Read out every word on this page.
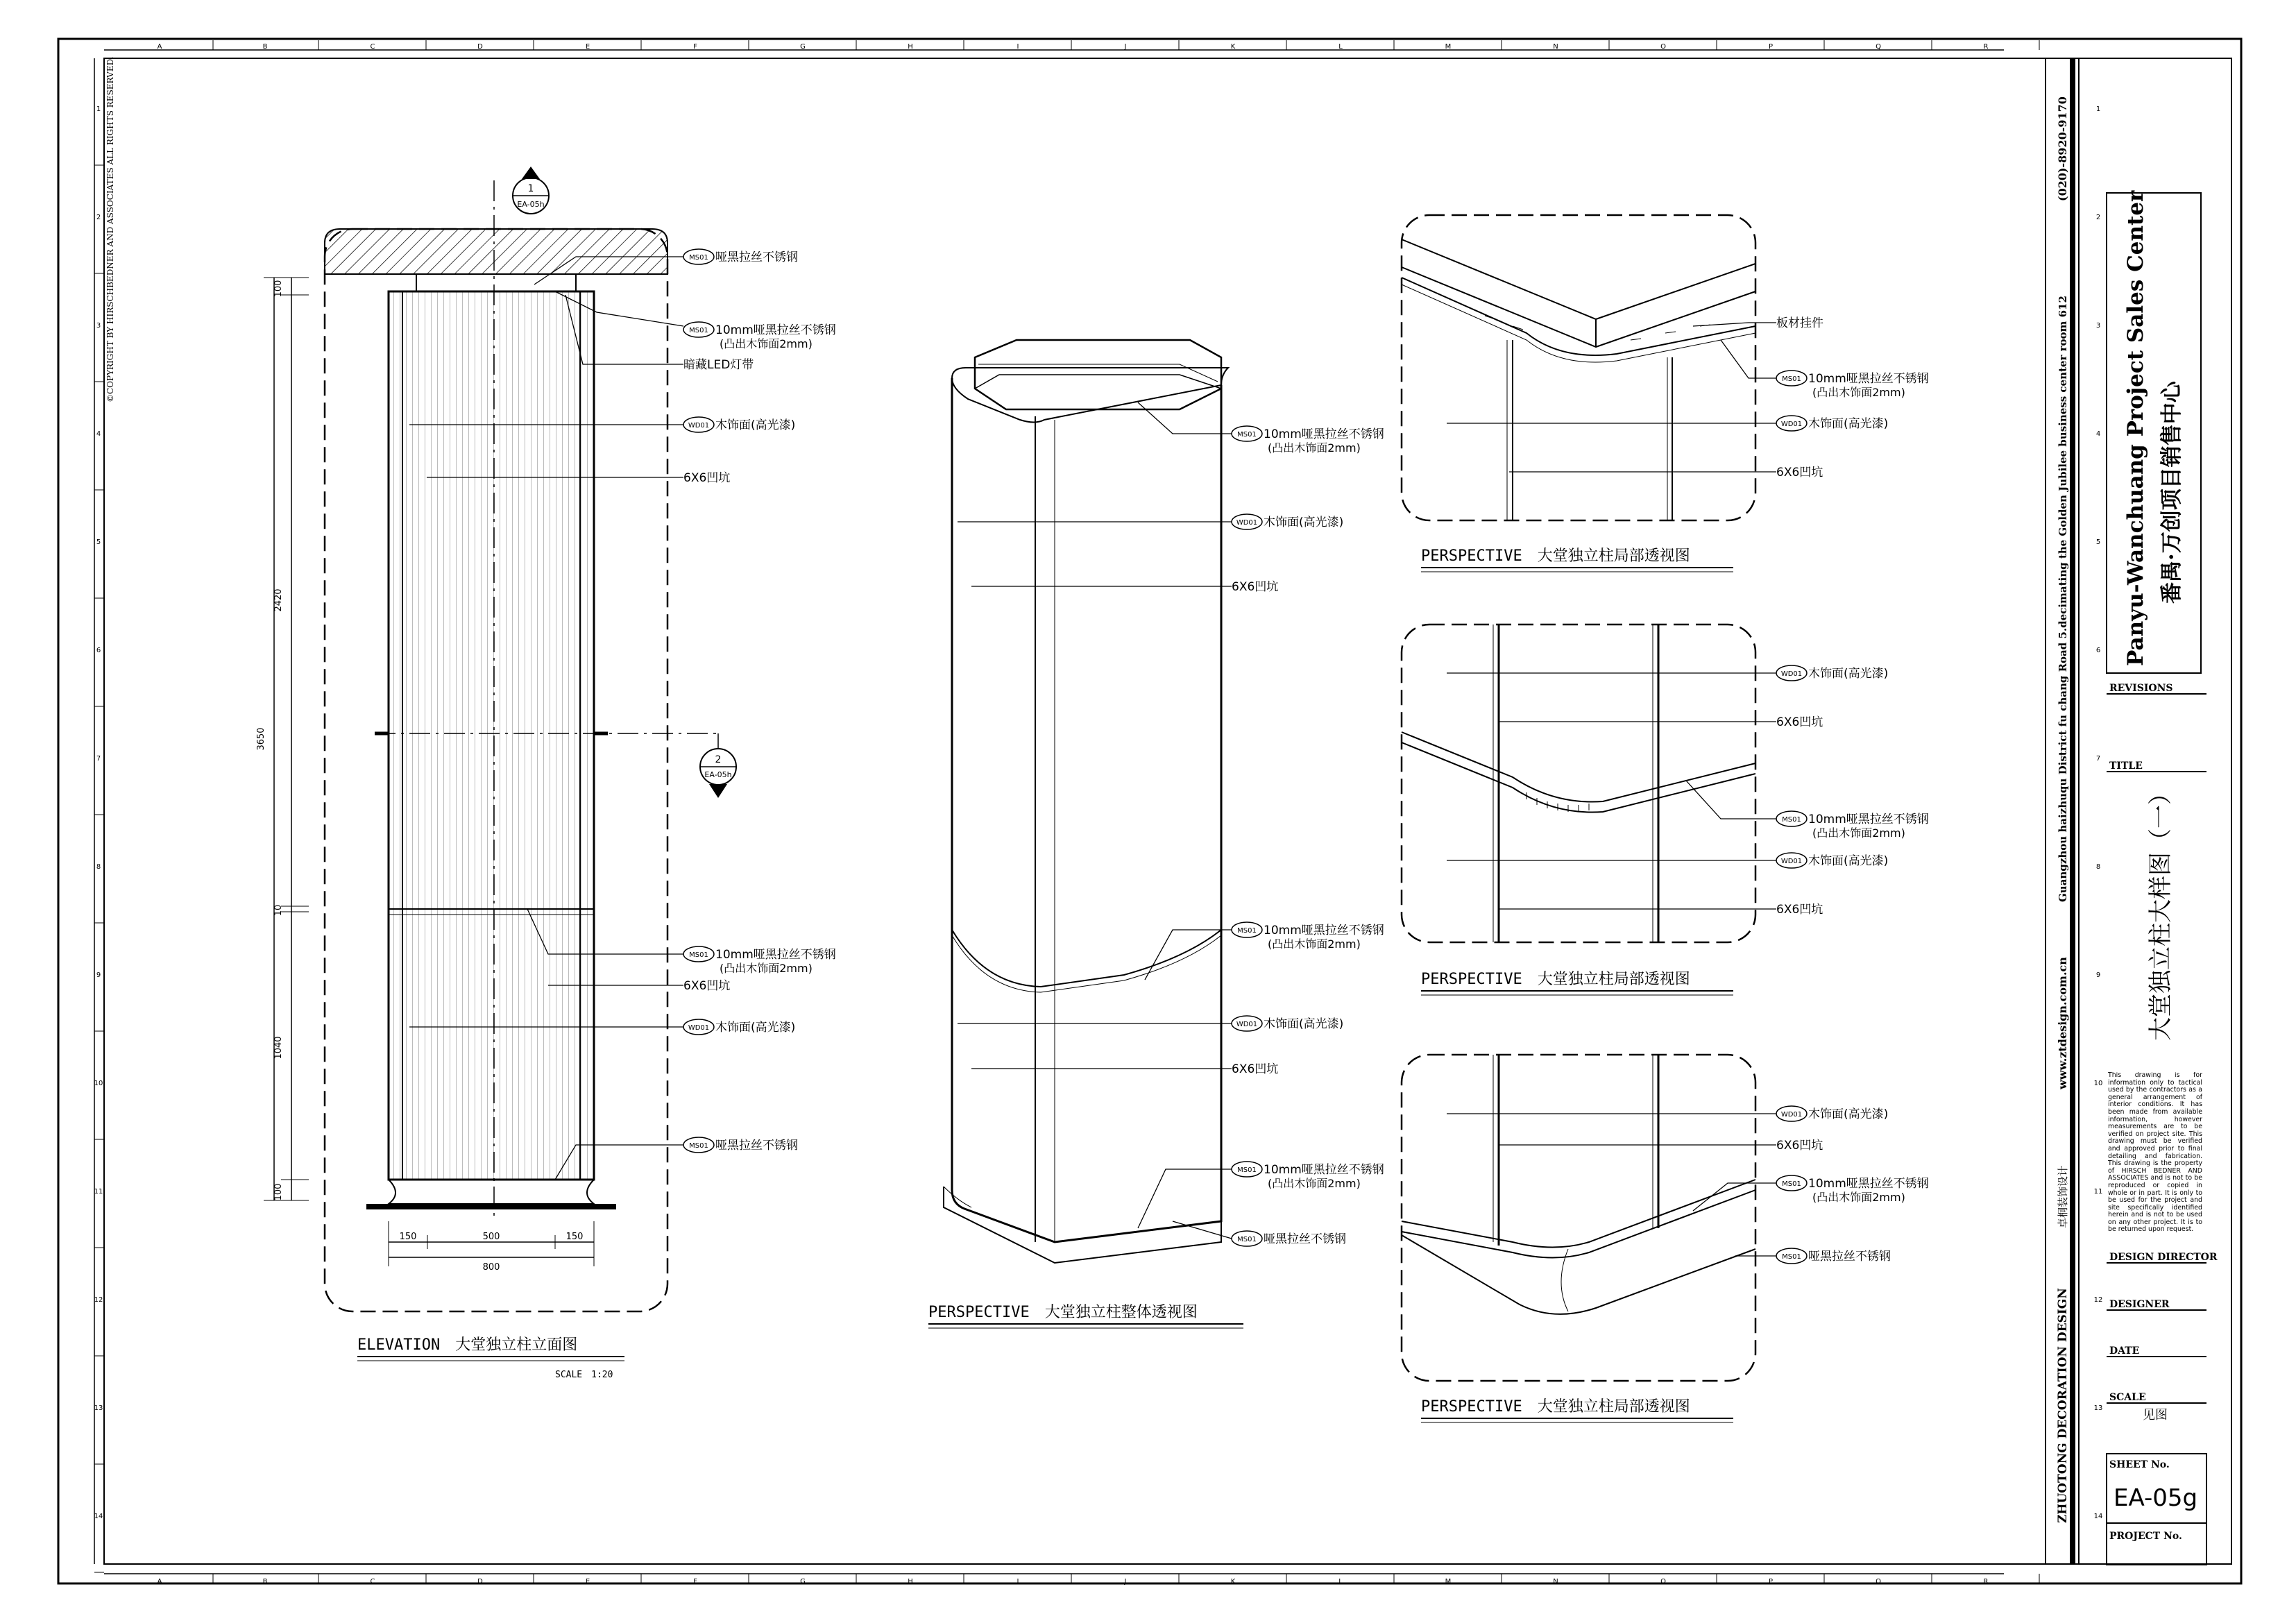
A	B	C	D	E	F	G	H	I	J	K	L	M	N	O	P	Q	R
A	B	C	D	E	F	G	H	I	J	K	L	M	N	O	P	Q	R
1
2
3
4
5
6
7
8
9
10
11
12
13
14
1
2
3
4
5
6
7
8
9
10
11
12
13
14
©COPYRIGHT BY HIRSCHBEDNER AND ASSOCIATES ALL RIGHTS RESERVED.	1
EA-05h
2
EA-05h
100
2420
10
1040
100
3650
150	500	150
800
MS01 哑黑拉丝不锈钢
MS01 10mm哑黑拉丝不锈钢
(凸出木饰面2mm)
暗藏LED灯带
WD01 木饰面(高光漆)
6X6凹坑
MS01 10mm哑黑拉丝不锈钢
(凸出木饰面2mm)
6X6凹坑
WD01 木饰面(高光漆)
MS01 哑黑拉丝不锈钢
ELEVATION　大堂独立柱立面图
SCALE　1:20
MS01 10mm哑黑拉丝不锈钢
(凸出木饰面2mm)
WD01 木饰面(高光漆)
6X6凹坑
MS01 10mm哑黑拉丝不锈钢
(凸出木饰面2mm)
WD01 木饰面(高光漆)
6X6凹坑
MS01 10mm哑黑拉丝不锈钢
(凸出木饰面2mm)
MS01 哑黑拉丝不锈钢
PERSPECTIVE　大堂独立柱整体透视图
板材挂件
MS01 10mm哑黑拉丝不锈钢
(凸出木饰面2mm)
WD01 木饰面(高光漆)
6X6凹坑
PERSPECTIVE　大堂独立柱局部透视图
WD01 木饰面(高光漆)
6X6凹坑
MS01 10mm哑黑拉丝不锈钢
(凸出木饰面2mm)
WD01 木饰面(高光漆)
6X6凹坑
PERSPECTIVE　大堂独立柱局部透视图
WD01 木饰面(高光漆)
6X6凹坑
MS01 10mm哑黑拉丝不锈钢
(凸出木饰面2mm)
MS01 哑黑拉丝不锈钢
PERSPECTIVE　大堂独立柱局部透视图	ZHUOTONG DECORATION DESIGN
卓桐装饰设计
www.ztdesign.com.cn
Guangzhou haizhuqu District fu chang Road 5.decimating the Golden Jubilee business center room 612
(020)-8920-9170
Panyu-Wanchuang Project Sales Center 番禺·万创项目销售中心
REVISIONS
TITLE
大堂独立柱大样图（一）
This drawing is for information only to tactical used by the contractors as a general arrangement of interior conditions. It has been made from available information, however measurements are to be verified on project site. This drawing must be verified and approved prior to final detailing and fabrication. This drawing is the property of HIRSCH BEDNER AND ASSOCIATES and is not to be reproduced or copied in whole or in part. It is only to be used for the project and site specifically identified herein and is not to be used on any other project. It is to be returned upon request.
DESIGN DIRECTOR
DESIGNER
DATE
SCALE
见图
SHEET No.
EA-05g
PROJECT No.
